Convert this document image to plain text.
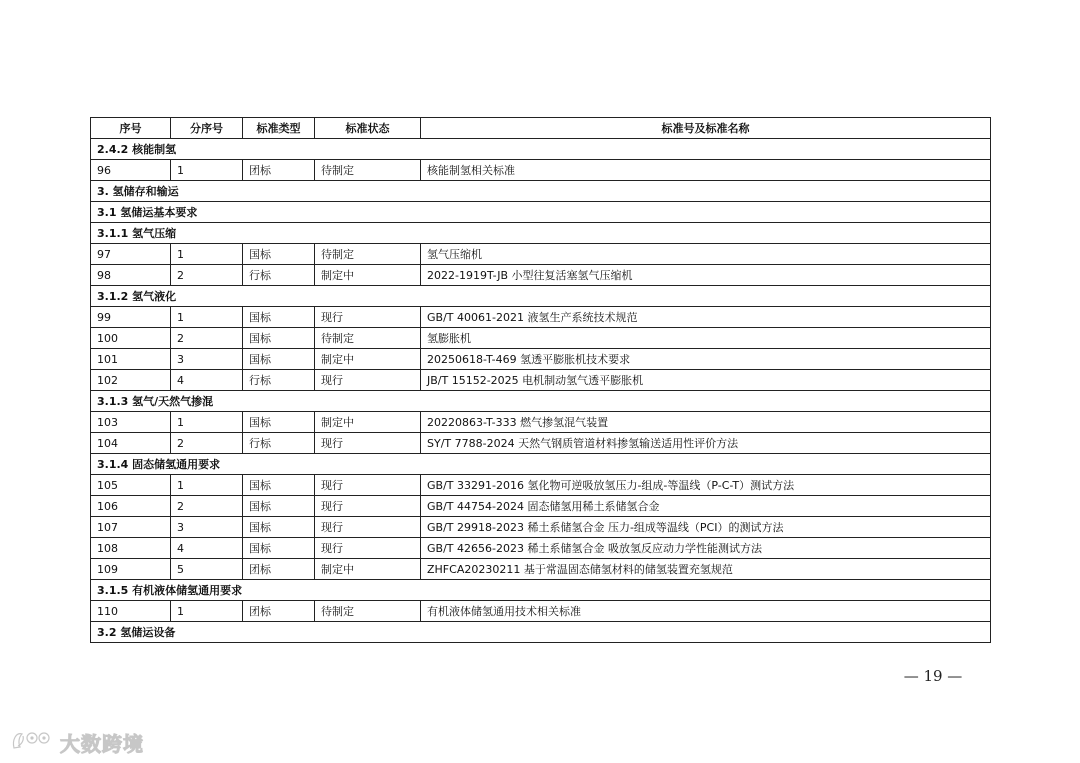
序号	分序号	标准类型	标准状态	标准号及标准名称
2.4.2 核能制氢				
96	1	团标	待制定	核能制氢相关标准
3. 氢储存和输运				
3.1 氢储运基本要求				
3.1.1 氢气压缩				
97	1	国标	待制定	氢气压缩机
98	2	行标	制定中	2022-1919T-JB 小型往复活塞氢气压缩机
3.1.2 氢气液化				
99	1	国标	现行	GB/T 40061-2021 液氢生产系统技术规范
100	2	国标	待制定	氢膨胀机
101	3	国标	制定中	20250618-T-469 氢透平膨胀机技术要求
102	4	行标	现行	JB/T 15152-2025 电机制动氢气透平膨胀机
3.1.3 氢气/天然气掺混				
103	1	国标	制定中	20220863-T-333 燃气掺氢混气装置
104	2	行标	现行	SY/T 7788-2024 天然气钢质管道材料掺氢输送适用性评价方法
3.1.4 固态储氢通用要求				
105	1	国标	现行	GB/T 33291-2016 氢化物可逆吸放氢压力-组成-等温线（P-C-T）测试方法
106	2	国标	现行	GB/T 44754-2024 固态储氢用稀土系储氢合金
107	3	国标	现行	GB/T 29918-2023 稀土系储氢合金 压力-组成等温线（PCI）的测试方法
108	4	国标	现行	GB/T 42656-2023 稀土系储氢合金 吸放氢反应动力学性能测试方法
109	5	团标	制定中	ZHFCA20230211 基于常温固态储氢材料的储氢装置充氢规范
3.1.5 有机液体储氢通用要求				
110	1	团标	待制定	有机液体储氢通用技术相关标准
3.2 氢储运设备				
— 19 —
大数跨境
